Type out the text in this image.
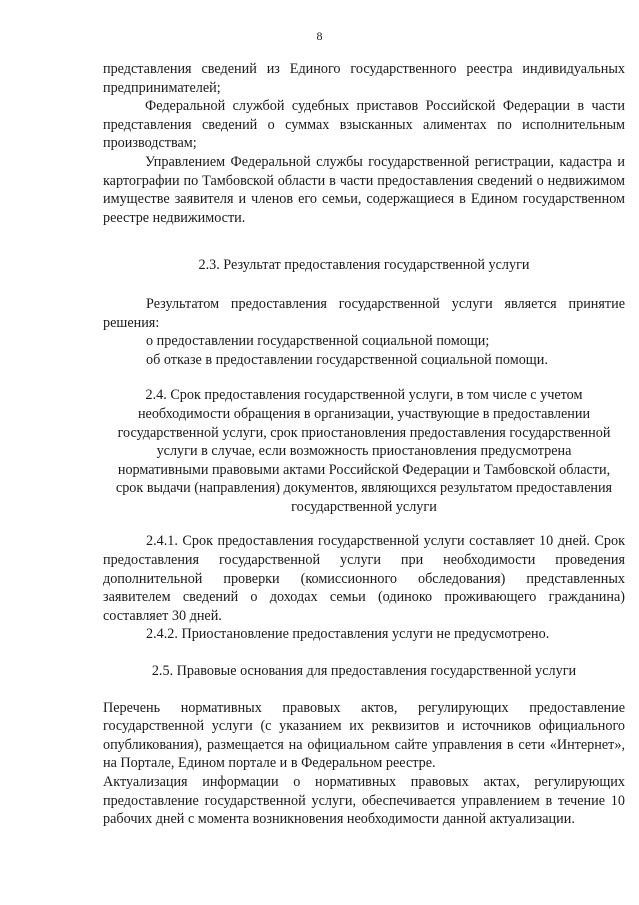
8

представления сведений из Единого государственного реестра индивидуальных предпринимателей;

Федеральной службой судебных приставов Российской Федерации в части представления сведений о суммах взысканных алиментах по исполнительным производствам;

Управлением Федеральной службы государственной регистрации, кадастра и картографии по Тамбовской области в части предоставления сведений о недвижимом имуществе заявителя и членов его семьи, содержащиеся в Едином государственном реестре недвижимости.

2.3. Результат предоставления государственной услуги

Результатом предоставления государственной услуги является принятие решения:

о предоставлении государственной социальной помощи;

об отказе в предоставлении государственной социальной помощи.

2.4. Срок предоставления государственной услуги, в том числе с учетом необходимости обращения в организации, участвующие в предоставлении государственной услуги, срок приостановления предоставления государственной услуги в случае, если возможность приостановления предусмотрена нормативными правовыми актами Российской Федерации и Тамбовской области, срок выдачи (направления) документов, являющихся результатом предоставления государственной услуги

2.4.1. Срок предоставления государственной услуги составляет 10 дней. Срок предоставления государственной услуги при необходимости проведения дополнительной проверки (комиссионного обследования) представленных заявителем сведений о доходах семьи (одиноко проживающего гражданина) составляет 30 дней.

2.4.2. Приостановление предоставления услуги не предусмотрено.

2.5. Правовые основания для предоставления государственной услуги

Перечень нормативных правовых актов, регулирующих предоставление государственной услуги (с указанием их реквизитов и источников официального опубликования), размещается на официальном сайте управления в сети «Интернет», на Портале, Едином портале и в Федеральном реестре.

Актуализация информации о нормативных правовых актах, регулирующих предоставление государственной услуги, обеспечивается управлением в течение 10 рабочих дней с момента возникновения необходимости данной актуализации.
